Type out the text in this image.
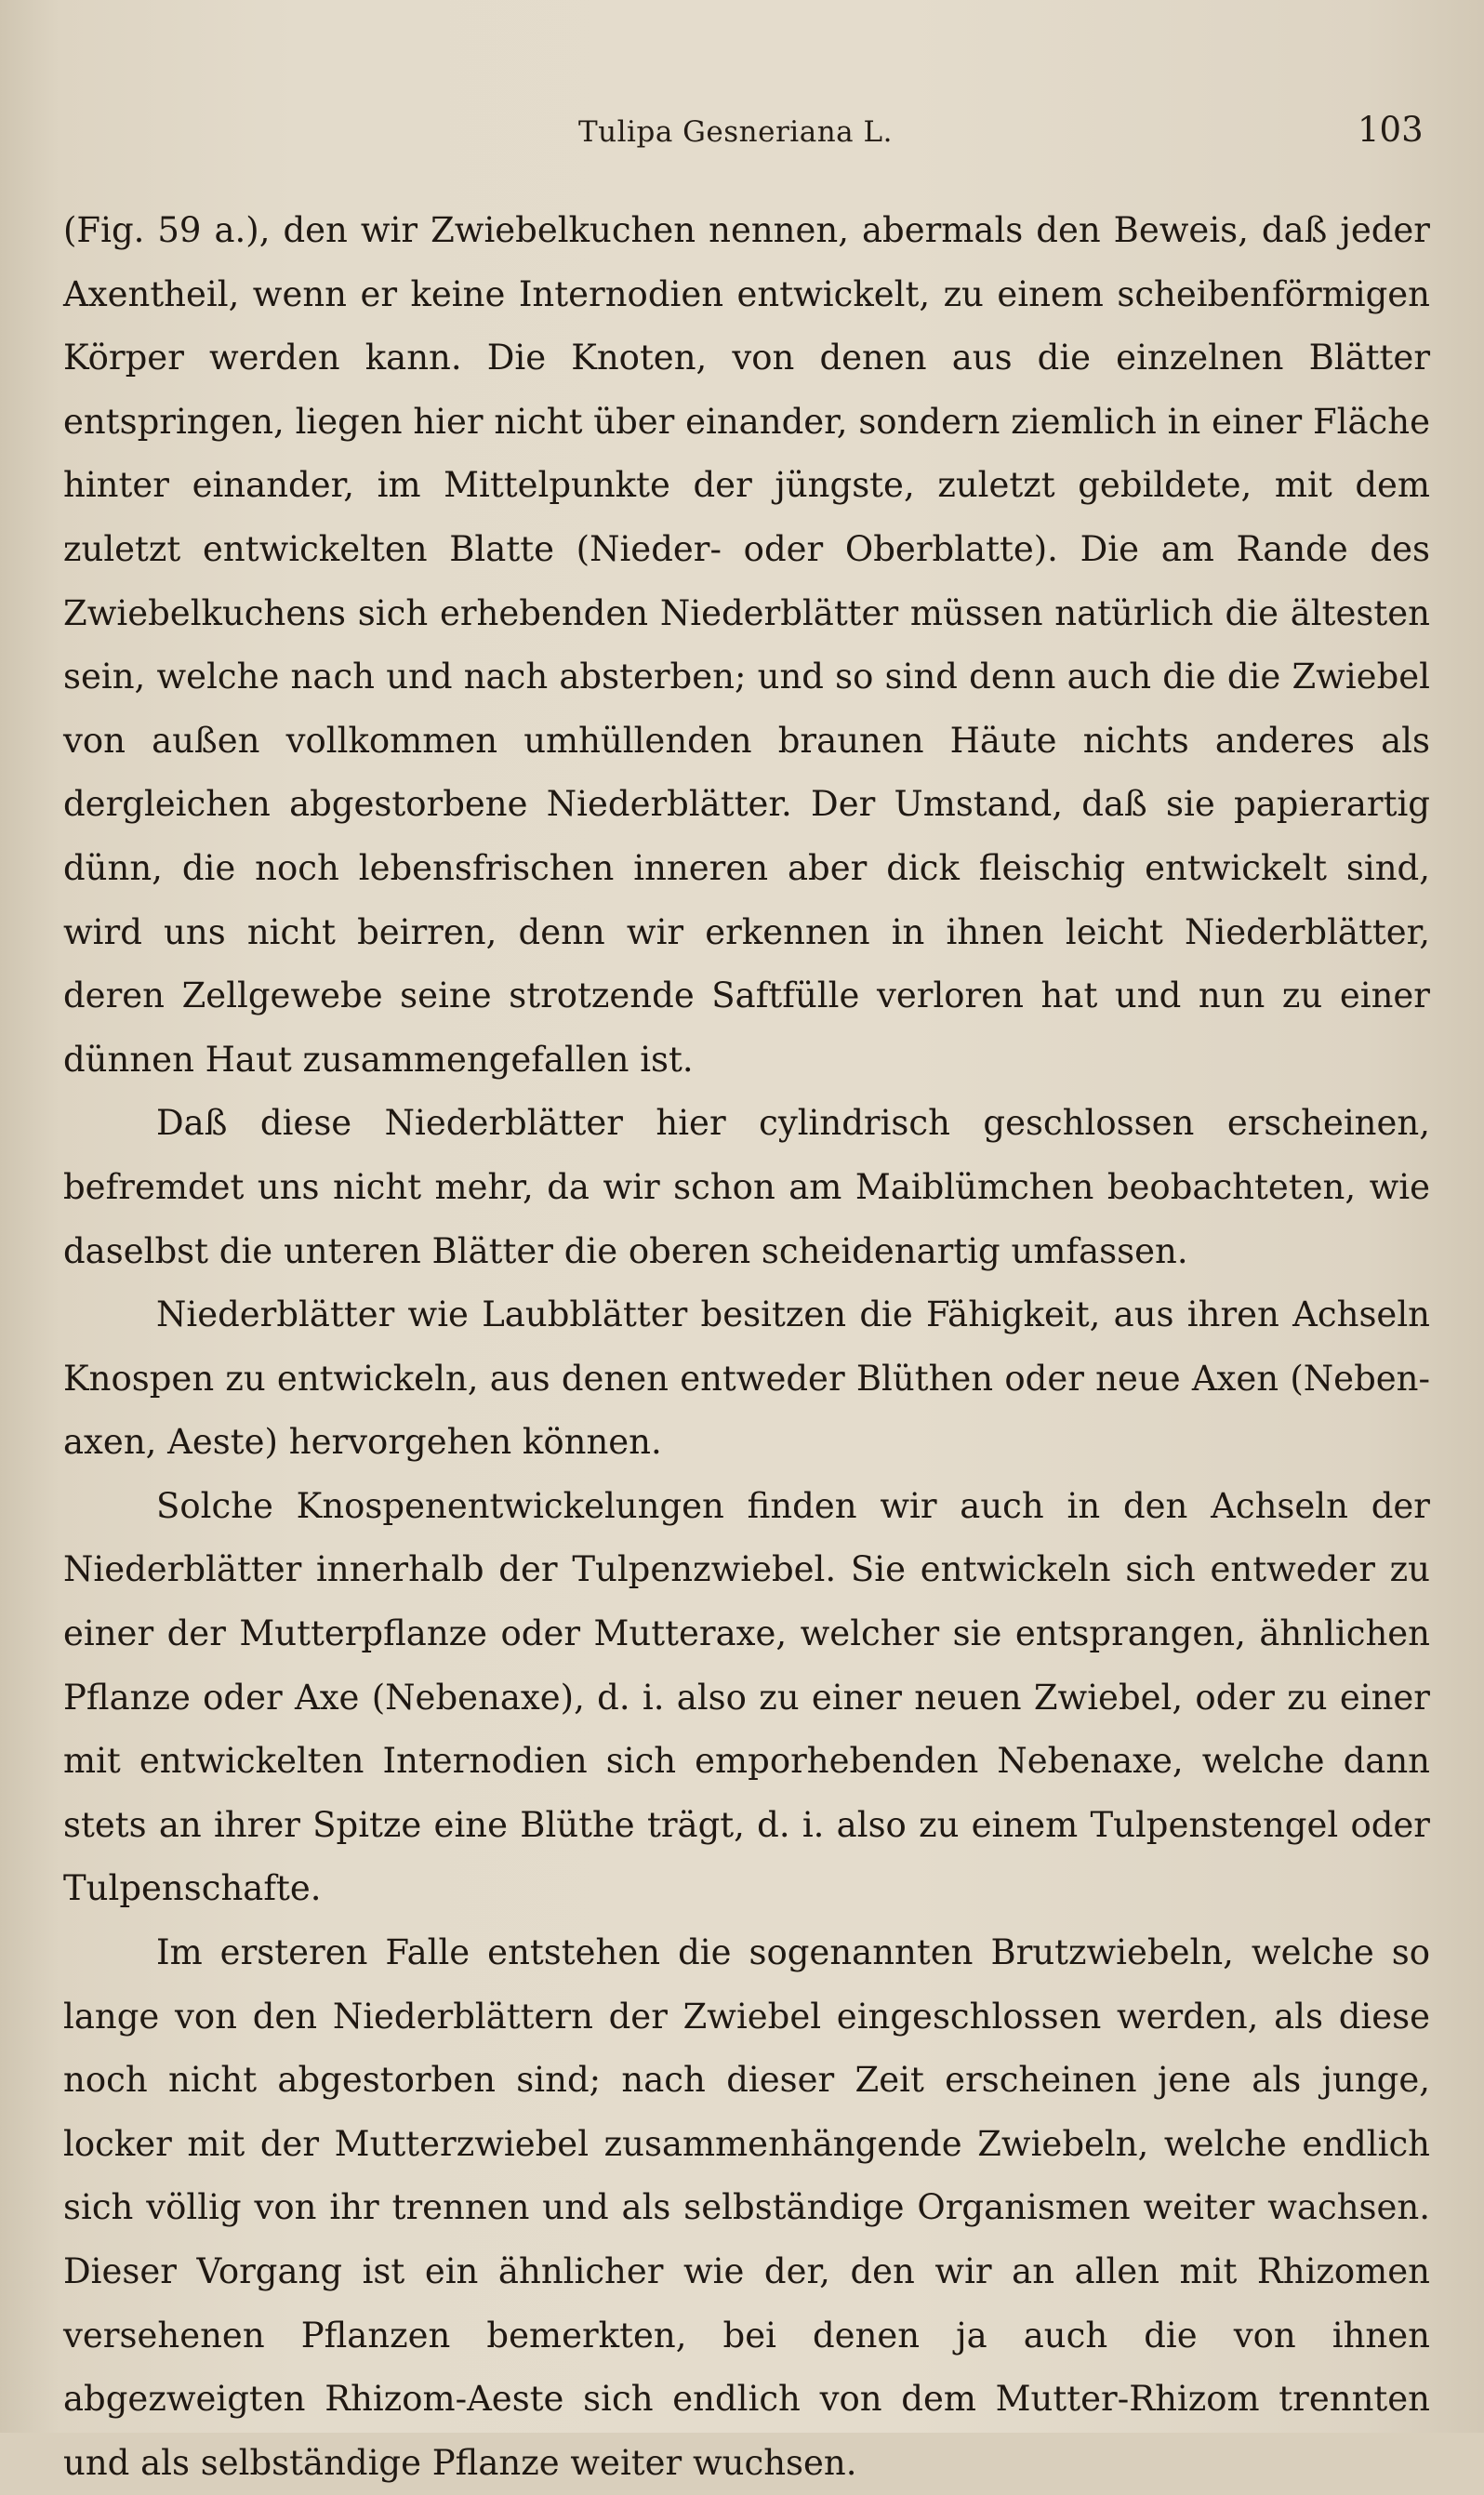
Tulipa Gesneriana L.	103

(Fig. 59 a.), den wir Zwiebelkuchen nennen, abermals den Beweis, daß jeder Axentheil, wenn er keine Internodien entwickelt, zu einem scheibenförmigen Körper werden kann. Die Knoten, von denen aus die einzelnen Blätter entspringen, liegen hier nicht über einander, sondern ziemlich in einer Fläche hinter einander, im Mittelpunkte der jüngste, zuletzt gebildete, mit dem zuletzt entwickelten Blatte (Nieder- oder Oberblatte). Die am Rande des Zwiebelkuchens sich erhebenden Niederblätter müssen natürlich die ältesten sein, welche nach und nach absterben; und so sind denn auch die die Zwiebel von außen vollkommen umhüllenden braunen Häute nichts anderes als dergleichen abgestorbene Niederblätter. Der Umstand, daß sie papierartig dünn, die noch lebensfrischen inneren aber dick fleischig entwickelt sind, wird uns nicht beirren, denn wir erkennen in ihnen leicht Niederblätter, deren Zellgewebe seine strotzende Saftfülle verloren hat und nun zu einer dünnen Haut zusammengefallen ist.

Daß diese Niederblätter hier cylindrisch geschlossen erscheinen, befremdet uns nicht mehr, da wir schon am Maiblümchen beobachteten, wie daselbst die unteren Blätter die oberen scheidenartig umfassen.

Niederblätter wie Laubblätter besitzen die Fähigkeit, aus ihren Achseln Knospen zu entwickeln, aus denen entweder Blüthen oder neue Axen (Nebenaxen, Aeste) hervorgehen können.

Solche Knospenentwickelungen finden wir auch in den Achseln der Niederblätter innerhalb der Tulpenzwiebel. Sie entwickeln sich entweder zu einer der Mutterpflanze oder Mutteraxe, welcher sie entsprangen, ähnlichen Pflanze oder Axe (Nebenaxe), d. i. also zu einer neuen Zwiebel, oder zu einer mit entwickelten Internodien sich emporhebenden Nebenaxe, welche dann stets an ihrer Spitze eine Blüthe trägt, d. i. also zu einem Tulpenstengel oder Tulpenschafte.

Im ersteren Falle entstehen die sogenannten Brutzwiebeln, welche so lange von den Niederblättern der Zwiebel eingeschlossen werden, als diese noch nicht abgestorben sind; nach dieser Zeit erscheinen jene als junge, locker mit der Mutterzwiebel zusammenhängende Zwiebeln, welche endlich sich völlig von ihr trennen und als selbständige Organismen weiter wachsen. Dieser Vorgang ist ein ähnlicher wie der, den wir an allen mit Rhizomen versehenen Pflanzen bemerkten, bei denen ja auch die von ihnen abgezweigten Rhizom-Aeste sich endlich von dem Mutter-Rhizom trennten und als selbständige Pflanze weiter wuchsen.
